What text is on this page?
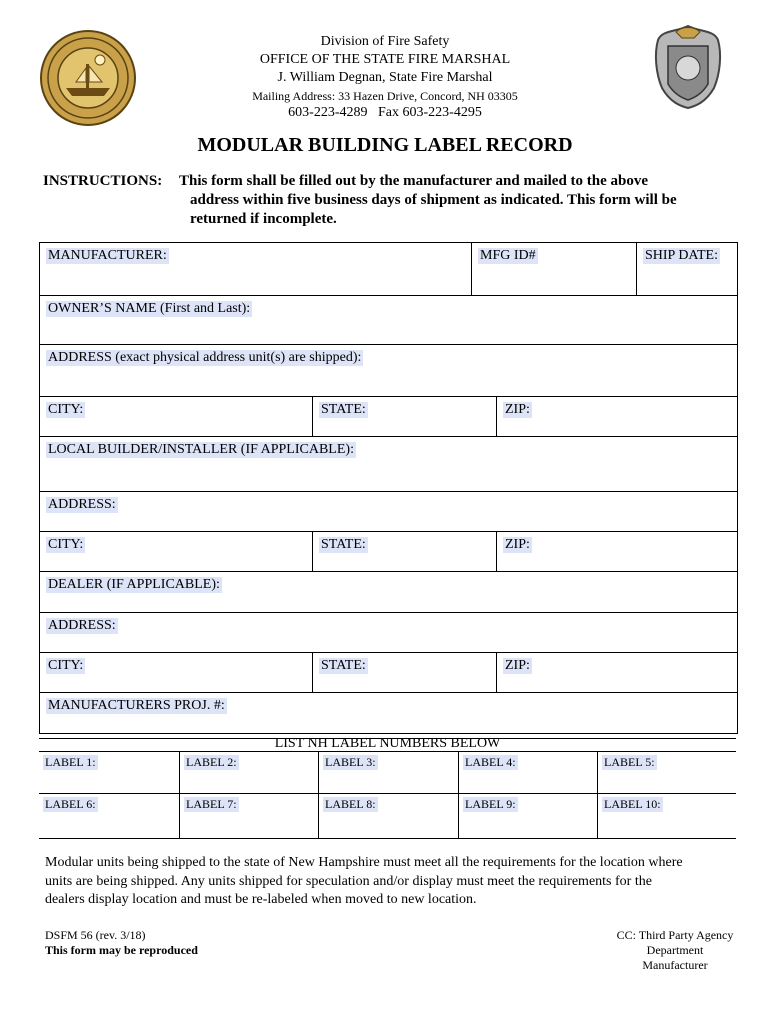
Division of Fire Safety
OFFICE OF THE STATE FIRE MARSHAL
J. William Degnan, State Fire Marshal
Mailing Address: 33 Hazen Drive, Concord, NH 03305
603-223-4289   Fax 603-223-4295
MODULAR BUILDING LABEL RECORD
INSTRUCTIONS: This form shall be filled out by the manufacturer and mailed to the above
address within five business days of shipment as indicated. This form will be
returned if incomplete.
MANUFACTURER:	MFG ID#	SHIP DATE:
OWNER’S NAME (First and Last):
ADDRESS (exact physical address unit(s) are shipped):
CITY:	STATE:	ZIP:
LOCAL BUILDER/INSTALLER (IF APPLICABLE):
ADDRESS:
CITY:	STATE:	ZIP:
DEALER (IF APPLICABLE):
ADDRESS:
CITY:	STATE:	ZIP:
MANUFACTURERS PROJ. #:
LIST NH LABEL NUMBERS BELOW
LABEL 1:	LABEL 2:	LABEL 3:	LABEL 4:	LABEL 5:
LABEL 6:	LABEL 7:	LABEL 8:	LABEL 9:	LABEL 10:
Modular units being shipped to the state of New Hampshire must meet all the requirements for the location where
units are being shipped. Any units shipped for speculation and/or display must meet the requirements for the
dealers display location and must be re-labeled when moved to new location.
DSFM 56 (rev. 3/18)
This form may be reproduced
CC: Third Party Agency
Department
Manufacturer
